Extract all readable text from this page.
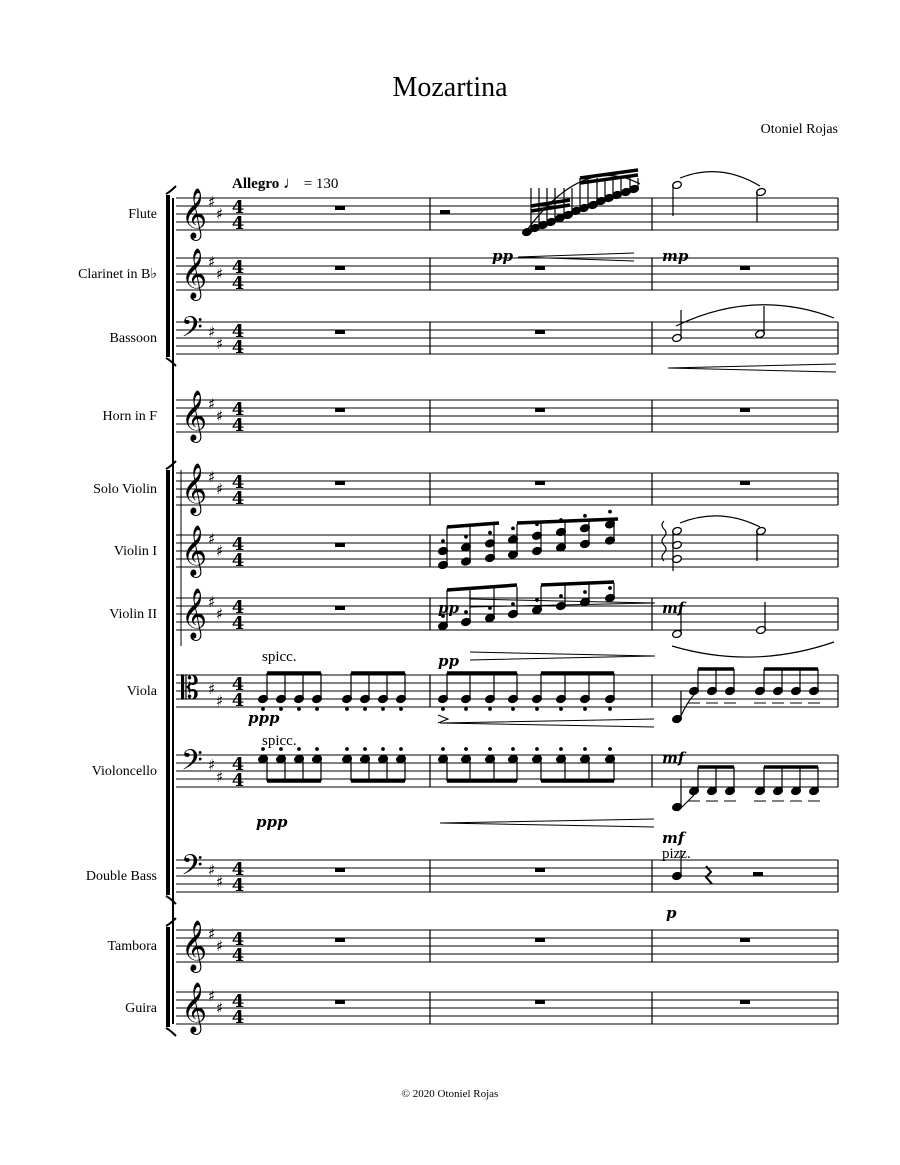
Mozartina
Otoniel Rojas
Allegro ♩ = 130
Flute 𝄞 ♯
♯ 4
4
Clarinet in B♭ 𝄞 ♯
♯ 4
4
Bassoon 𝄢 ♯
♯
4
4
Horn in F 𝄞 ♯
♯ 4
4
Solo Violin 𝄞 ♯
♯ 4
4
Violin I 𝄞 ♯
♯ 4
4
Violin II 𝄞 ♯
♯ 4
4
Viola 𝄡 ♯
♯
4
4
Violoncello 𝄢 ♯
♯
4
4
Double Bass 𝄢 ♯
♯
4
4
Tambora 𝄞 ♯
♯ 4
4
Guira 𝄞 ♯
♯ 4
4
pp	mp
pp	mf
pp
spicc.
ppp
mf
spicc.
ppp
mf
pizz.
p
© 2020 Otoniel Rojas
